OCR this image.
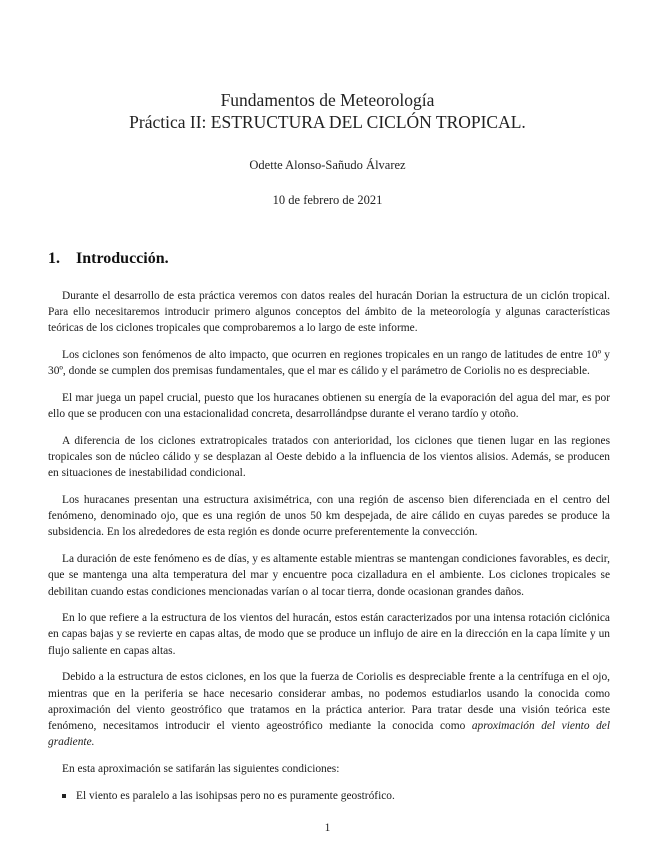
Fundamentos de Meteorología
Práctica II: ESTRUCTURA DEL CICLÓN TROPICAL.
Odette Alonso-Sañudo Álvarez
10 de febrero de 2021
1. Introducción.

Durante el desarrollo de esta práctica veremos con datos reales del huracán Dorian la estructura de un ciclón tropical. Para ello necesitaremos introducir primero algunos conceptos del ámbito de la meteorología y algunas características teóricas de los ciclones tropicales que comprobaremos a lo largo de este informe.

Los ciclones son fenómenos de alto impacto, que ocurren en regiones tropicales en un rango de latitudes de entre 10º y 30º, donde se cumplen dos premisas fundamentales, que el mar es cálido y el parámetro de Coriolis no es despreciable.

El mar juega un papel crucial, puesto que los huracanes obtienen su energía de la evaporación del agua del mar, es por ello que se producen con una estacionalidad concreta, desarrollándpse durante el verano tardío y otoño.

A diferencia de los ciclones extratropicales tratados con anterioridad, los ciclones que tienen lugar en las regiones tropicales son de núcleo cálido y se desplazan al Oeste debido a la influencia de los vientos alisios. Además, se producen en situaciones de inestabilidad condicional.

Los huracanes presentan una estructura axisimétrica, con una región de ascenso bien diferenciada en el centro del fenómeno, denominado ojo, que es una región de unos 50 km despejada, de aire cálido en cuyas paredes se produce la subsidencia. En los alrededores de esta región es donde ocurre preferentemente la convección.

La duración de este fenómeno es de días, y es altamente estable mientras se mantengan condiciones favorables, es decir, que se mantenga una alta temperatura del mar y encuentre poca cizalladura en el ambiente. Los ciclones tropicales se debilitan cuando estas condiciones mencionadas varían o al tocar tierra, donde ocasionan grandes daños.

En lo que refiere a la estructura de los vientos del huracán, estos están caracterizados por una intensa rotación ciclónica en capas bajas y se revierte en capas altas, de modo que se produce un influjo de aire en la dirección en la capa límite y un flujo saliente en capas altas.

Debido a la estructura de estos ciclones, en los que la fuerza de Coriolis es despreciable frente a la centrífuga en el ojo, mientras que en la periferia se hace necesario considerar ambas, no podemos estudiarlos usando la conocida como aproximación del viento geostrófico que tratamos en la práctica anterior. Para tratar desde una visión teórica este fenómeno, necesitamos introducir el viento ageostrófico mediante la conocida como aproximación del viento del gradiente.

En esta aproximación se satifarán las siguientes condiciones:

El viento es paralelo a las isohipsas pero no es puramente geostrófico.
1
